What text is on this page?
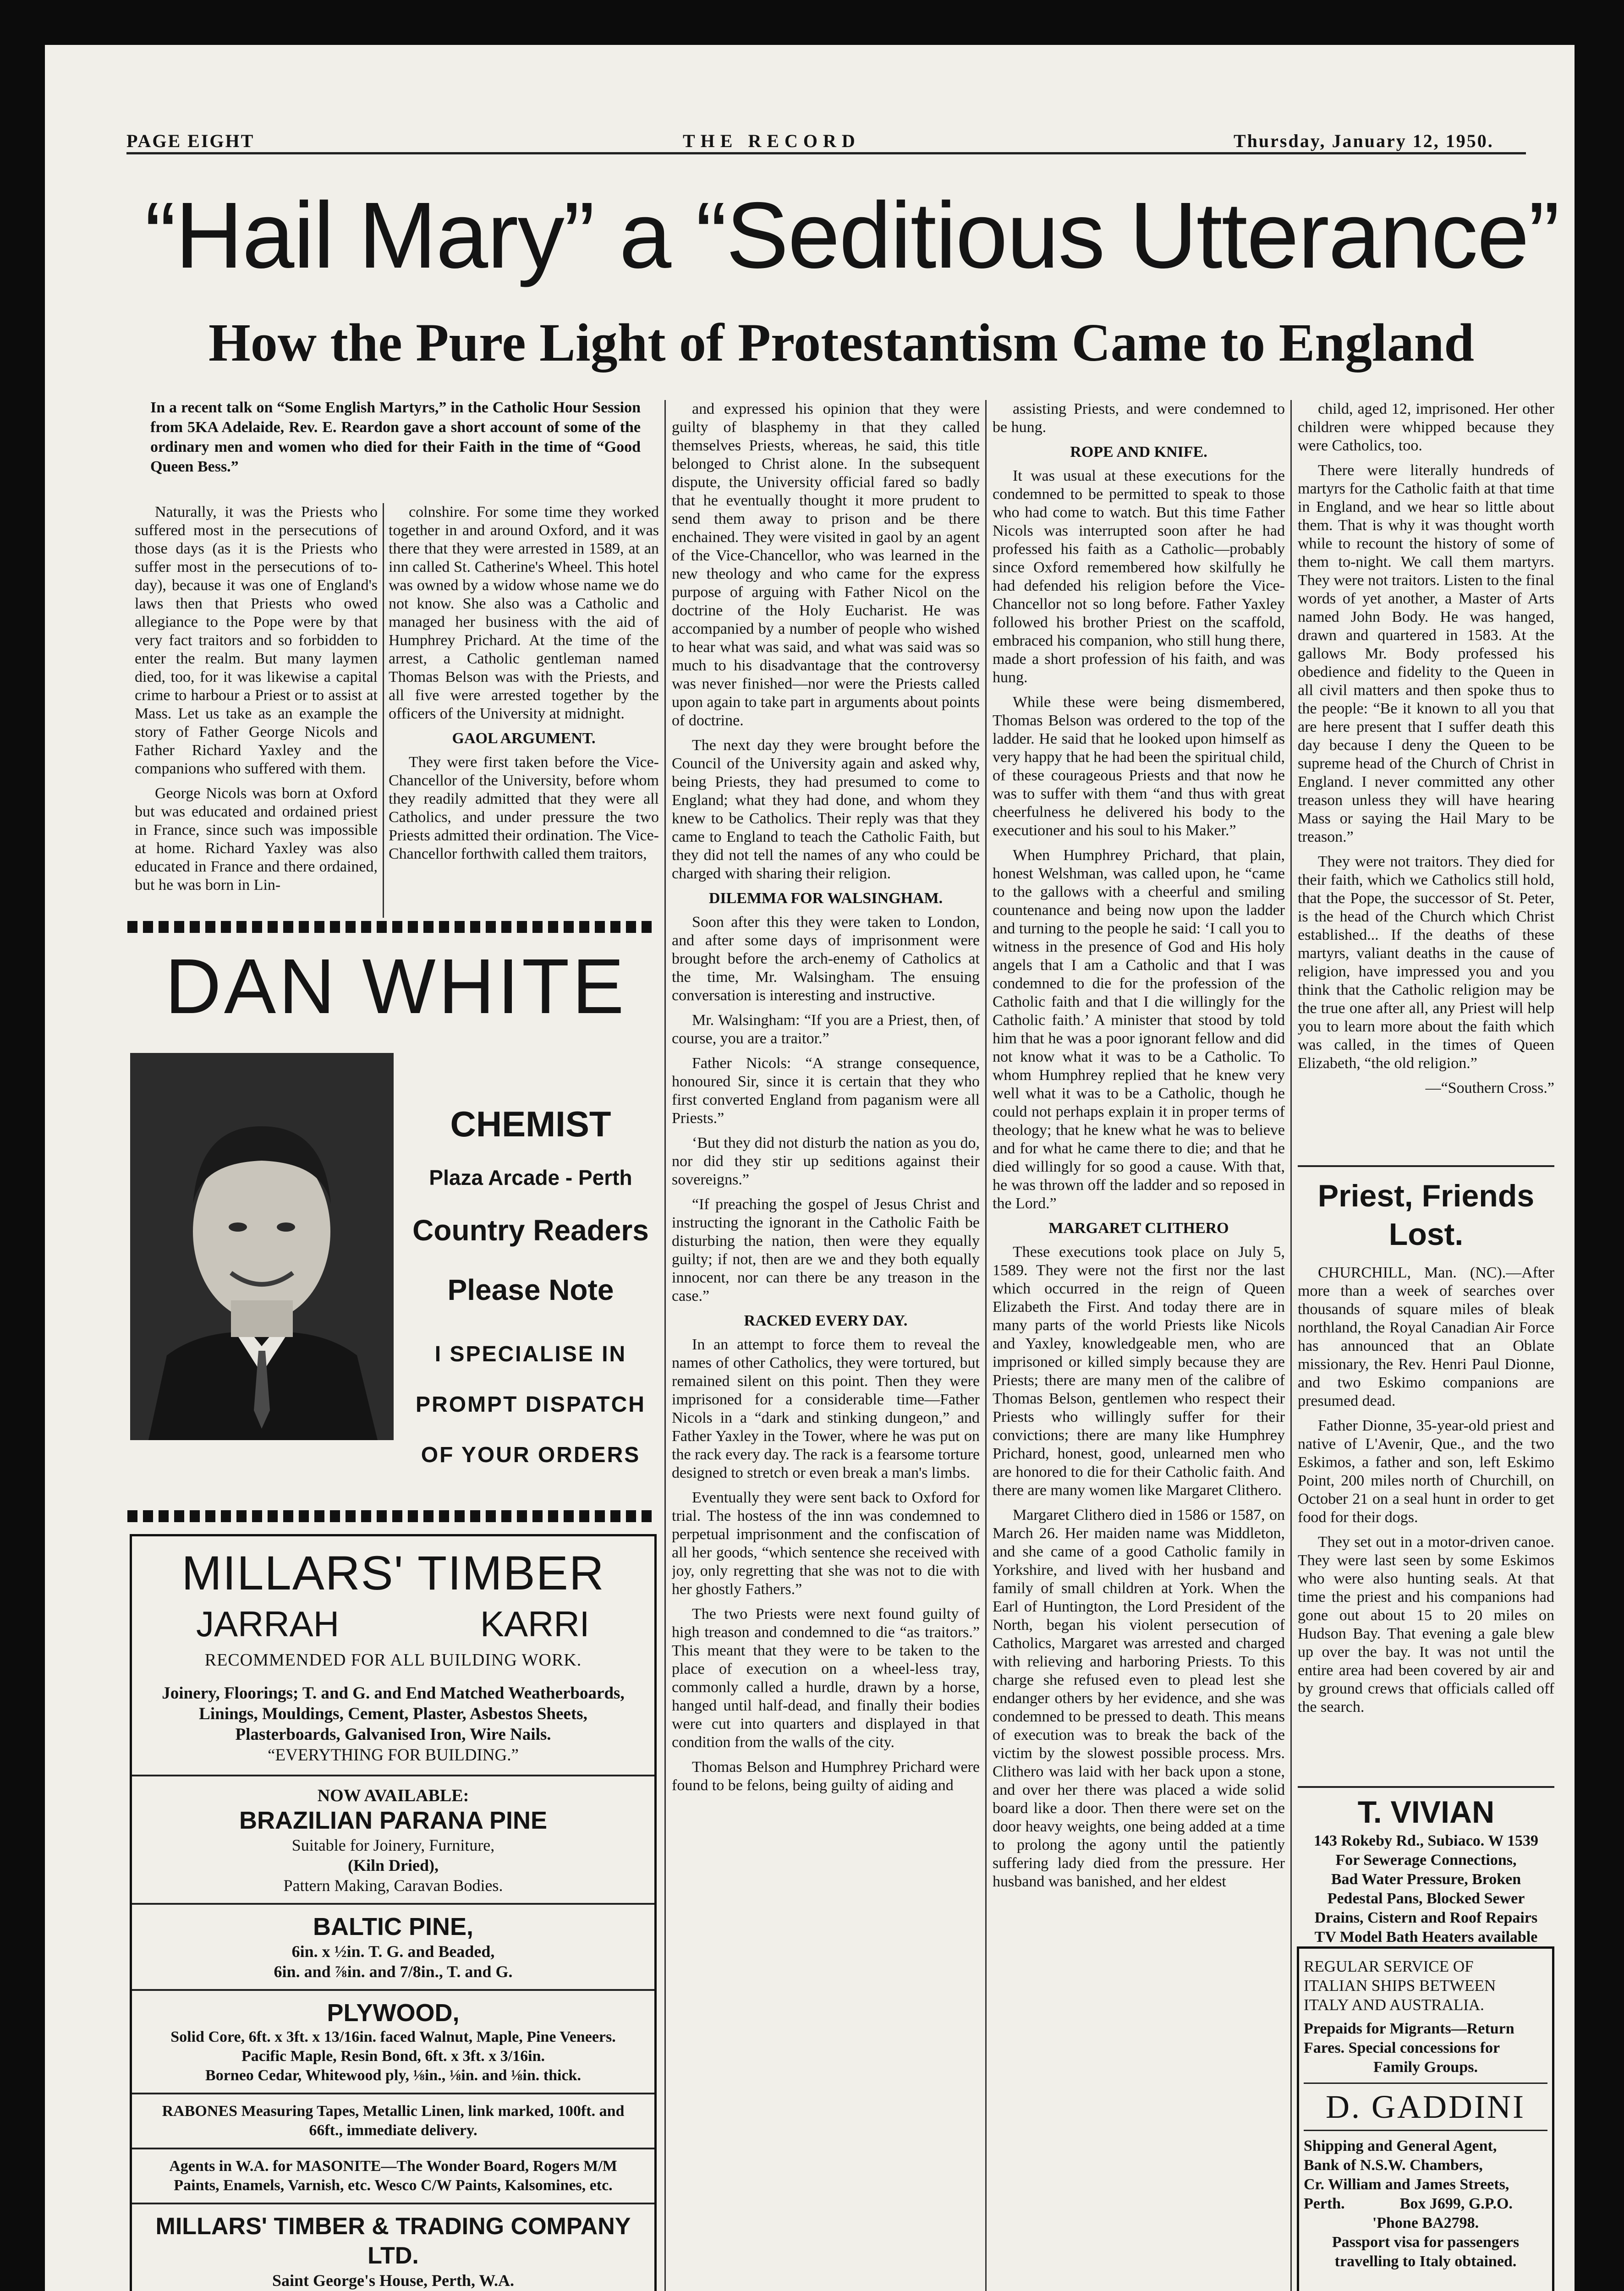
PAGE EIGHT	THE RECORD	Thursday, January 12, 1950.
“Hail Mary” a “Seditious Utterance”
How the Pure Light of Protestantism Came to England
In a recent talk on “Some English Martyrs,” in the Catholic Hour Session from 5KA Adelaide, Rev. E. Reardon gave a short account of some of the ordinary men and women who died for their Faith in the time of “Good Queen Bess.”

Naturally, it was the Priests who suffered most in the persecutions of those days (as it is the Priests who suffer most in the persecutions of to-day), because it was one of England's laws then that Priests who owed allegiance to the Pope were by that very fact traitors and so forbidden to enter the realm. But many laymen died, too, for it was likewise a capital crime to harbour a Priest or to assist at Mass. Let us take as an example the story of Father George Nicols and Father Richard Yaxley and the companions who suffered with them.

George Nicols was born at Oxford but was educated and ordained priest in France, since such was impossible at home. Richard Yaxley was also educated in France and there ordained, but he was born in Lin-

colnshire. For some time they worked together in and around Oxford, and it was there that they were arrested in 1589, at an inn called St. Catherine's Wheel. This hotel was owned by a widow whose name we do not know. She also was a Catholic and managed her business with the aid of Humphrey Prichard. At the time of the arrest, a Catholic gentleman named Thomas Belson was with the Priests, and all five were arrested together by the officers of the University at midnight.

GAOL ARGUMENT.

They were first taken before the Vice-Chancellor of the University, before whom they readily admitted that they were all Catholics, and under pressure the two Priests admitted their ordination. The Vice-Chancellor forthwith called them traitors,

and expressed his opinion that they were guilty of blasphemy in that they called themselves Priests, whereas, he said, this title belonged to Christ alone. In the subsequent dispute, the University official fared so badly that he eventually thought it more prudent to send them away to prison and be there enchained. They were visited in gaol by an agent of the Vice-Chancellor, who was learned in the new theology and who came for the express purpose of arguing with Father Nicol on the doctrine of the Holy Eucharist. He was accompanied by a number of people who wished to hear what was said, and what was said was so much to his disadvantage that the controversy was never finished—nor were the Priests called upon again to take part in arguments about points of doctrine.

The next day they were brought before the Council of the University again and asked why, being Priests, they had presumed to come to England; what they had done, and whom they knew to be Catholics. Their reply was that they came to England to teach the Catholic Faith, but they did not tell the names of any who could be charged with sharing their religion.

DILEMMA FOR WALSINGHAM.

Soon after this they were taken to London, and after some days of imprisonment were brought before the arch-enemy of Catholics at the time, Mr. Walsingham. The ensuing conversation is interesting and instructive.

Mr. Walsingham: “If you are a Priest, then, of course, you are a traitor.”

Father Nicols: “A strange consequence, honoured Sir, since it is certain that they who first converted England from paganism were all Priests.”

‘But they did not disturb the nation as you do, nor did they stir up seditions against their sovereigns.”

“If preaching the gospel of Jesus Christ and instructing the ignorant in the Catholic Faith be disturbing the nation, then were they equally guilty; if not, then are we and they both equally innocent, nor can there be any treason in the case.”

RACKED EVERY DAY.

In an attempt to force them to reveal the names of other Catholics, they were tortured, but remained silent on this point. Then they were imprisoned for a considerable time—Father Nicols in a “dark and stinking dungeon,” and Father Yaxley in the Tower, where he was put on the rack every day. The rack is a fearsome torture designed to stretch or even break a man's limbs.

Eventually they were sent back to Oxford for trial. The hostess of the inn was condemned to perpetual imprisonment and the confiscation of all her goods, “which sentence she received with joy, only regretting that she was not to die with her ghostly Fathers.”

The two Priests were next found guilty of high treason and condemned to die “as traitors.” This meant that they were to be taken to the place of execution on a wheel-less tray, commonly called a hurdle, drawn by a horse, hanged until half-dead, and finally their bodies were cut into quarters and displayed in that condition from the walls of the city.

Thomas Belson and Humphrey Prichard were found to be felons, being guilty of aiding and

assisting Priests, and were condemned to be hung.

ROPE AND KNIFE.

It was usual at these executions for the condemned to be permitted to speak to those who had come to watch. But this time Father Nicols was interrupted soon after he had professed his faith as a Catholic—probably since Oxford remembered how skilfully he had defended his religion before the Vice-Chancellor not so long before. Father Yaxley followed his brother Priest on the scaffold, embraced his companion, who still hung there, made a short profession of his faith, and was hung.

While these were being dismembered, Thomas Belson was ordered to the top of the ladder. He said that he looked upon himself as very happy that he had been the spiritual child, of these courageous Priests and that now he was to suffer with them “and thus with great cheerfulness he delivered his body to the executioner and his soul to his Maker.”

When Humphrey Prichard, that plain, honest Welshman, was called upon, he “came to the gallows with a cheerful and smiling countenance and being now upon the ladder and turning to the people he said: ‘I call you to witness in the presence of God and His holy angels that I am a Catholic and that I was condemned to die for the profession of the Catholic faith and that I die willingly for the Catholic faith.’ A minister that stood by told him that he was a poor ignorant fellow and did not know what it was to be a Catholic. To whom Humphrey replied that he knew very well what it was to be a Catholic, though he could not perhaps explain it in proper terms of theology; that he knew what he was to believe and for what he came there to die; and that he died willingly for so good a cause. With that, he was thrown off the ladder and so reposed in the Lord.”

MARGARET CLITHERO

These executions took place on July 5, 1589. They were not the first nor the last which occurred in the reign of Queen Elizabeth the First. And today there are in many parts of the world Priests like Nicols and Yaxley, knowledgeable men, who are imprisoned or killed simply because they are Priests; there are many men of the calibre of Thomas Belson, gentlemen who respect their Priests who willingly suffer for their convictions; there are many like Humphrey Prichard, honest, good, unlearned men who are honored to die for their Catholic faith. And there are many women like Margaret Clithero.

Margaret Clithero died in 1586 or 1587, on March 26. Her maiden name was Middleton, and she came of a good Catholic family in Yorkshire, and lived with her husband and family of small children at York. When the Earl of Huntington, the Lord President of the North, began his violent persecution of Catholics, Margaret was arrested and charged with relieving and harboring Priests. To this charge she refused even to plead lest she endanger others by her evidence, and she was condemned to be pressed to death. This means of execution was to break the back of the victim by the slowest possible process. Mrs. Clithero was laid with her back upon a stone, and over her there was placed a wide solid board like a door. Then there were set on the door heavy weights, one being added at a time to prolong the agony until the patiently suffering lady died from the pressure. Her husband was banished, and her eldest

child, aged 12, imprisoned. Her other children were whipped because they were Catholics, too.

There were literally hundreds of martyrs for the Catholic faith at that time in England, and we hear so little about them. That is why it was thought worth while to recount the history of some of them to-night. We call them martyrs. They were not traitors. Listen to the final words of yet another, a Master of Arts named John Body. He was hanged, drawn and quartered in 1583. At the gallows Mr. Body professed his obedience and fidelity to the Queen in all civil matters and then spoke thus to the people: “Be it known to all you that are here present that I suffer death this day because I deny the Queen to be supreme head of the Church of Christ in England. I never committed any other treason unless they will have hearing Mass or saying the Hail Mary to be treason.”

They were not traitors. They died for their faith, which we Catholics still hold, that the Pope, the successor of St. Peter, is the head of the Church which Christ established... If the deaths of these martyrs, valiant deaths in the cause of religion, have impressed you and you think that the Catholic religion may be the true one after all, any Priest will help you to learn more about the faith which was called, in the times of Queen Elizabeth, “the old religion.”

—“Southern Cross.”

Priest, Friends Lost.

CHURCHILL, Man. (NC).—After more than a week of searches over thousands of square miles of bleak northland, the Royal Canadian Air Force has announced that an Oblate missionary, the Rev. Henri Paul Dionne, and two Eskimo companions are presumed dead.

Father Dionne, 35-year-old priest and native of L'Avenir, Que., and the two Eskimos, a father and son, left Eskimo Point, 200 miles north of Churchill, on October 21 on a seal hunt in order to get food for their dogs.

They set out in a motor-driven canoe. They were last seen by some Eskimos who were also hunting seals. At that time the priest and his companions had gone out about 15 to 20 miles on Hudson Bay. That evening a gale blew up over the bay. It was not until the entire area had been covered by air and by ground crews that officials called off the search.

DAN WHITE
CHEMIST
Plaza Arcade - Perth
Country Readers
Please Note
I SPECIALISE IN
PROMPT DISPATCH
OF YOUR ORDERS

MILLARS' TIMBER

JARRAH	KARRI

RECOMMENDED FOR ALL BUILDING WORK.

Joinery, Floorings; T. and G. and End Matched Weatherboards, Linings, Mouldings, Cement, Plaster, Asbestos Sheets, Plasterboards, Galvanised Iron, Wire Nails.

“EVERYTHING FOR BUILDING.”

NOW AVAILABLE:

BRAZILIAN PARANA PINE

Suitable for Joinery, Furniture,

(Kiln Dried),

Pattern Making, Caravan Bodies.

BALTIC PINE,

6in. x ½in. T. G. and Beaded,

6in. and ⅞in. and 7/8in., T. and G.

PLYWOOD,

Solid Core, 6ft. x 3ft. x 13/16in. faced Walnut, Maple, Pine Veneers.

Pacific Maple, Resin Bond, 6ft. x 3ft. x 3/16in.

Borneo Cedar, Whitewood ply, ⅛in., ⅛in. and ⅛in. thick.

RABONES Measuring Tapes, Metallic Linen, link marked, 100ft. and 66ft., immediate delivery.

Agents in W.A. for MASONITE—The Wonder Board, Rogers M/M Paints, Enamels, Varnish, etc. Wesco C/W Paints, Kalsomines, etc.

MILLARS' TIMBER & TRADING COMPANY LTD.

Saint George's House, Perth, W.A.

T. VIVIAN

143 Rokeby Rd., Subiaco. W 1539

For Sewerage Connections,

Bad Water Pressure, Broken

Pedestal Pans, Blocked Sewer

Drains, Cistern and Roof Repairs

TV Model Bath Heaters available

REGULAR SERVICE OF

ITALIAN SHIPS BETWEEN

ITALY AND AUSTRALIA.

Prepaids for Migrants—Return

Fares. Special concessions for

Family Groups.

D. GADDINI

Shipping and General Agent,

Bank of N.S.W. Chambers,

Cr. William and James Streets,

Perth.	Box J699, G.P.O.

'Phone BA2798.

Passport visa for passengers

travelling to Italy obtained.
